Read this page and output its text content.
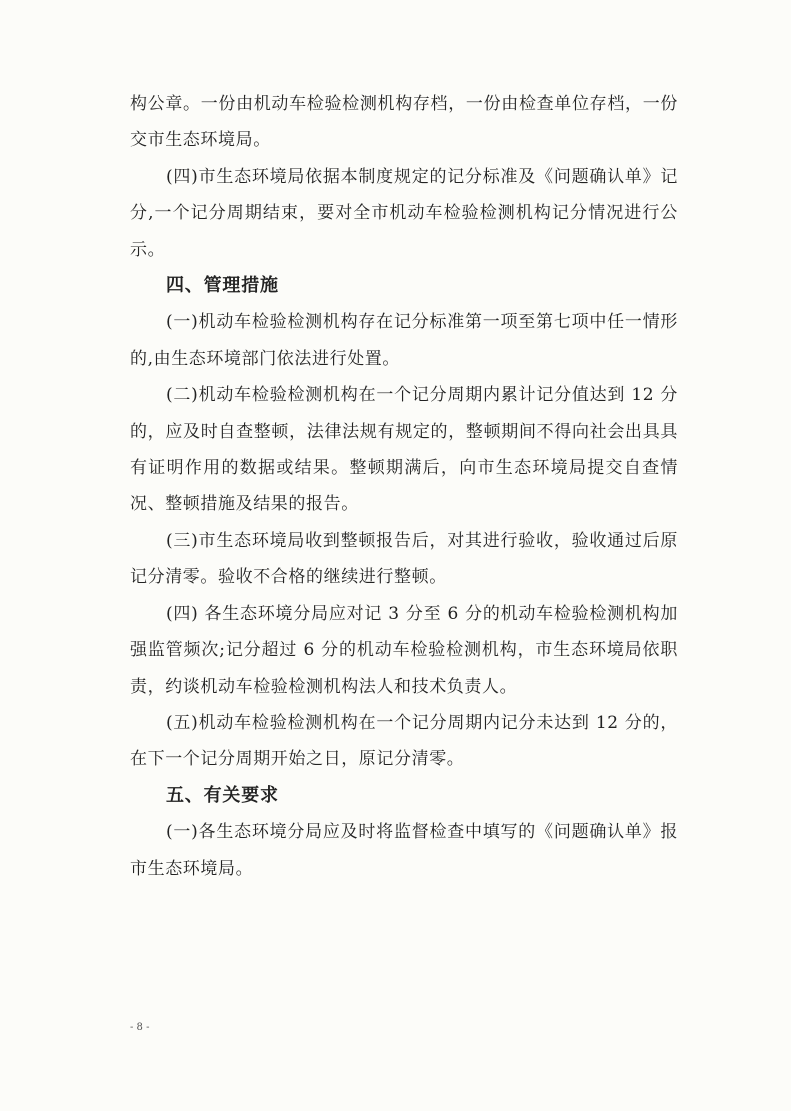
构公章。一份由机动车检验检测机构存档，一份由检查单位存档，一份交市生态环境局。

(四)市生态环境局依据本制度规定的记分标准及《问题确认单》记分,一个记分周期结束，要对全市机动车检验检测机构记分情况进行公示。

四、管理措施

(一)机动车检验检测机构存在记分标准第一项至第七项中任一情形的,由生态环境部门依法进行处置。

(二)机动车检验检测机构在一个记分周期内累计记分值达到 12 分的，应及时自查整顿，法律法规有规定的，整顿期间不得向社会出具具有证明作用的数据或结果。整顿期满后，向市生态环境局提交自查情况、整顿措施及结果的报告。

(三)市生态环境局收到整顿报告后，对其进行验收，验收通过后原记分清零。验收不合格的继续进行整顿。

(四) 各生态环境分局应对记 3 分至 6 分的机动车检验检测机构加强监管频次;记分超过 6 分的机动车检验检测机构，市生态环境局依职责，约谈机动车检验检测机构法人和技术负责人。

(五)机动车检验检测机构在一个记分周期内记分未达到 12 分的，在下一个记分周期开始之日，原记分清零。

五、有关要求

(一)各生态环境分局应及时将监督检查中填写的《问题确认单》报市生态环境局。

- 8 -
